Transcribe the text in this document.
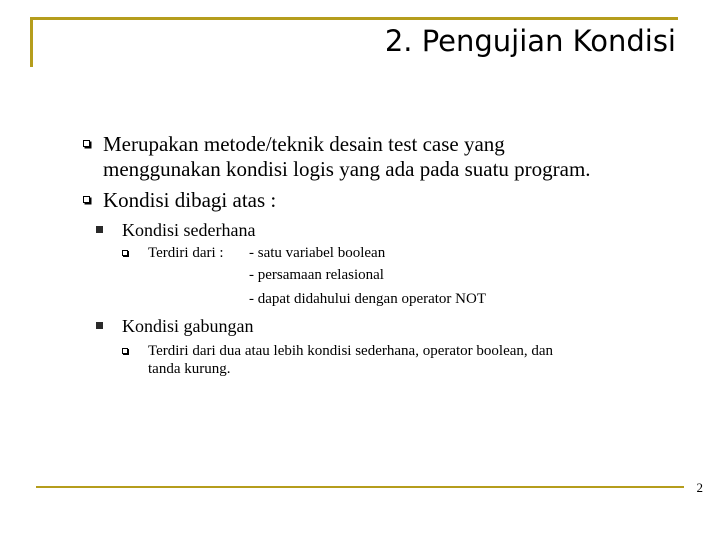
2. Pengujian Kondisi
Merupakan metode/teknik desain test case yang
menggunakan kondisi logis yang ada pada suatu program.
Kondisi dibagi atas :
Kondisi sederhana
Terdiri dari : - satu variabel boolean
- persamaan relasional
- dapat didahului dengan operator NOT
Kondisi gabungan
Terdiri dari dua atau lebih kondisi sederhana, operator boolean, dan
tanda kurung.
2
